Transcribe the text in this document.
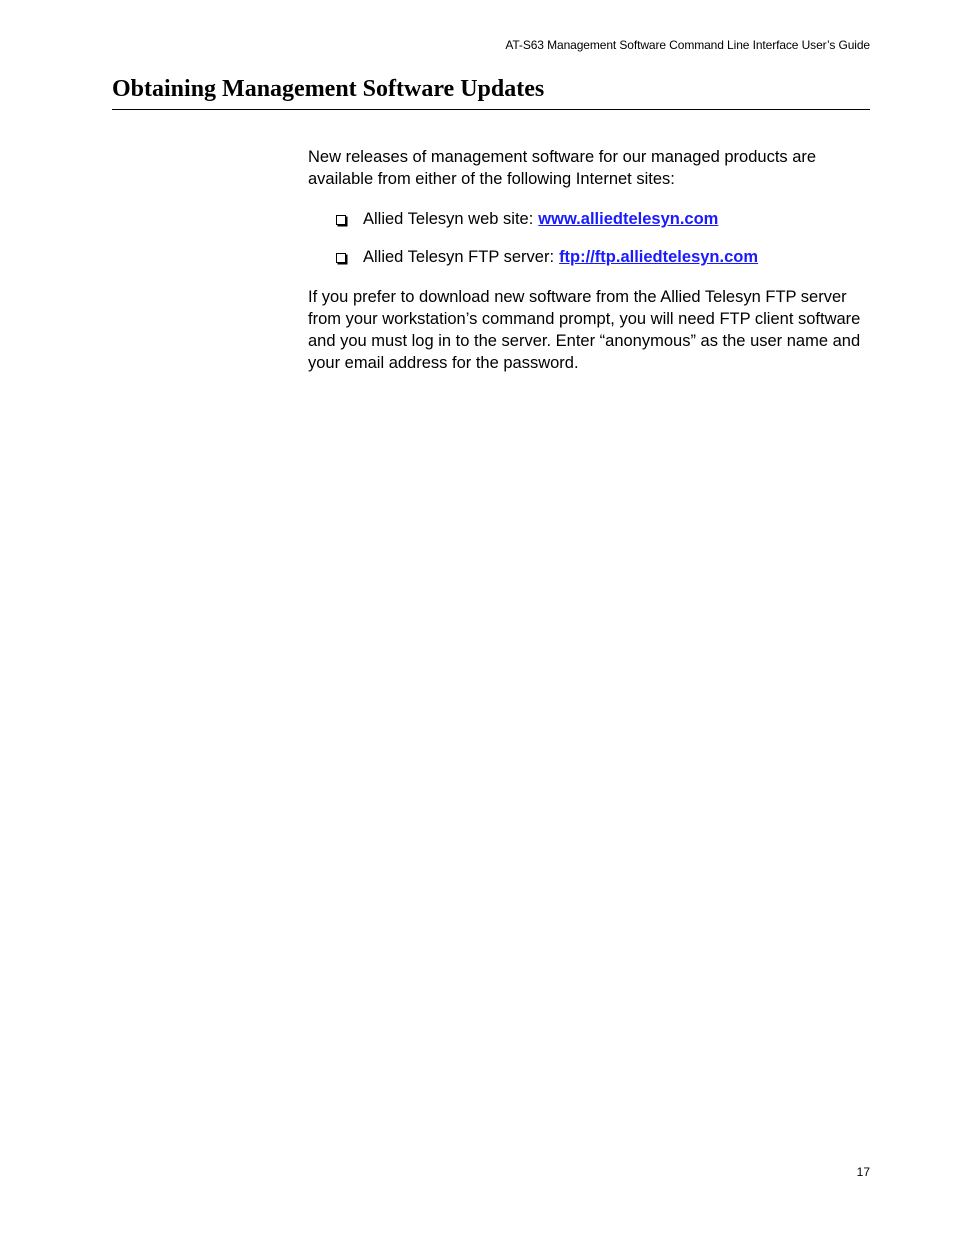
AT-S63 Management Software Command Line Interface User’s Guide
Obtaining Management Software Updates

New releases of management software for our managed products are available from either of the following Internet sites:

Allied Telesyn web site: www.alliedtelesyn.com
Allied Telesyn FTP server: ftp://ftp.alliedtelesyn.com

If you prefer to download new software from the Allied Telesyn FTP server from your workstation’s command prompt, you will need FTP client software and you must log in to the server. Enter “anonymous” as the user name and your email address for the password.

17
